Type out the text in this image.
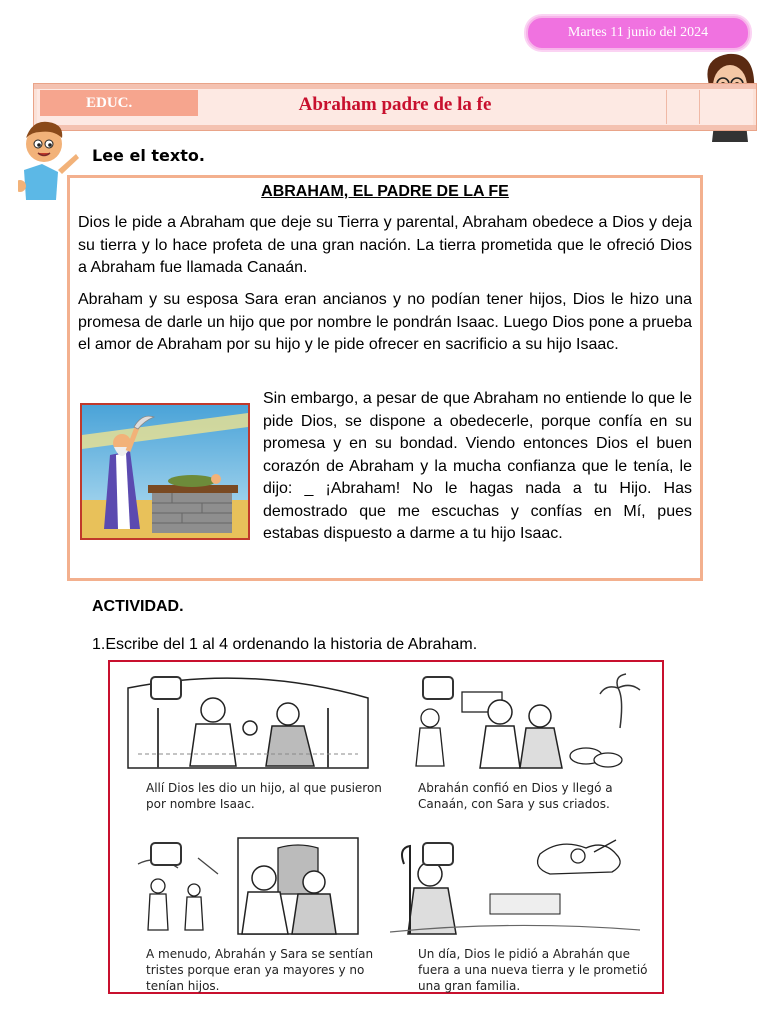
Martes 11 junio del 2024
EDUC.	Abraham padre de la fe
Lee el texto.
ABRAHAM, EL PADRE DE LA FE
Dios le pide a Abraham que deje su Tierra y parental, Abraham obedece a Dios y deja su tierra y lo hace profeta de una gran nación. La tierra prometida que le ofreció Dios a Abraham fue llamada Canaán.
Abraham y su esposa Sara eran ancianos y no podían tener hijos, Dios le hizo una promesa de darle un hijo que por nombre le pondrán Isaac. Luego Dios pone a prueba el amor de Abraham por su hijo y le pide ofrecer en sacrificio a su hijo Isaac.
Sin embargo, a pesar de que Abraham no entiende lo que le pide Dios, se dispone a obedecerle, porque confía en su promesa y en su bondad. Viendo entonces Dios el buen corazón de Abraham y la mucha confianza que le tenía, le dijo: _ ¡Abraham! No le hagas nada a tu Hijo. Has demostrado que me escuchas y confías en Mí, pues estabas dispuesto a darme a tu hijo Isaac.
ACTIVIDAD.
1.Escribe del 1 al 4 ordenando la historia de Abraham.
Allí Dios les dio un hijo, al que pusieron por nombre Isaac.
Abrahán confió en Dios y llegó a Canaán, con Sara y sus criados.
A menudo, Abrahán y Sara se sentían tristes porque eran ya mayores y no tenían hijos.
Un día, Dios le pidió a Abrahán que fuera a una nueva tierra y le prometió una gran familia.
